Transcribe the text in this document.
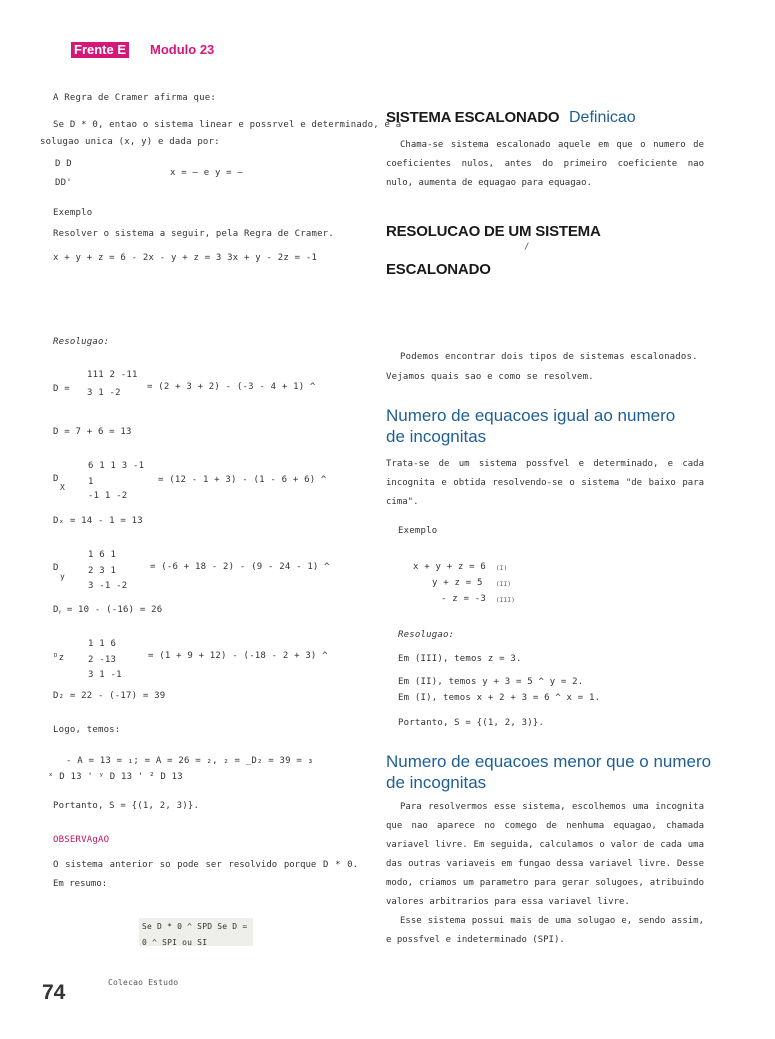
Frente E Modulo 23
A Regra de Cramer afirma que:
Se D * 0, entao o sistema linear e possrvel e determinado, e a
solugao unica (x, y) e dada por:
D D
DD'
x = — e y = —
Exemplo
Resolver o sistema a seguir, pela Regra de Cramer.
x + y + z = 6 - 2x - y + z = 3 3x + y - 2z = -1
Resolugao:
D =
111 2 -11
3 1 -2
= (2 + 3 + 2) - (-3 - 4 + 1) ^
D = 7 + 6 = 13
D
X
6 1 1 3 -1
1
-1 1 -2
= (12 - 1 + 3) - (1 - 6 + 6) ^
Dₓ = 14 - 1 = 13
D
y
1 6 1
2 3 1
3 -1 -2
= (-6 + 18 - 2) - (9 - 24 - 1) ^
Dᵧ = 10 - (-16) = 26
ᴰz
1 1 6
2 -13
3 1 -1
= (1 + 9 + 12) - (-18 - 2 + 3) ^
D₂ = 22 - (-17) = 39
Logo, temos:
- A = 13 = ₁; = A = 26 = ₂, ₂ = _D₂ = 39 = ₃
ˣ D 13 ' ʸ D 13 ' ² D 13
Portanto, S = {(1, 2, 3)}.
OBSERVAgAO
O sistema anterior so pode ser resolvido porque D * 0. Em resumo:
Se D * 0 ^ SPD Se D =
0 ^ SPI ou SI
SISTEMA ESCALONADO Definicao
Chama-se sistema escalonado aquele em que o numero de coeficientes nulos, antes do primeiro coeficiente nao nulo, aumenta de equagao para equagao.
RESOLUCAO DE UM SISTEMA
/
ESCALONADO
Podemos encontrar dois tipos de sistemas escalonados.
Vejamos quais sao e como se resolvem.
Numero de equacoes igual ao numero de incognitas
Trata-se de um sistema possfvel e determinado, e cada incognita e obtida resolvendo-se o sistema "de baixo para cima".
Exemplo
x + y + z = 6 (I)
y + z = 5 (II)
- z = -3 (III)
Resolugao:
Em (III), temos z = 3.
Em (II), temos y + 3 = 5 ^ y = 2.
Em (I), temos x + 2 + 3 = 6 ^ x = 1.
Portanto, S = {(1, 2, 3)}.
Numero de equacoes menor que o numero de incognitas
Para resolvermos esse sistema, escolhemos uma incognita que nao aparece no comego de nenhuma equagao, chamada variavel livre. Em seguida, calculamos o valor de cada uma das outras variaveis em fungao dessa variavel livre. Desse modo, criamos um parametro para gerar solugoes, atribuindo valores arbitrarios para essa variavel livre.
Esse sistema possui mais de uma solugao e, sendo assim, e possfvel e indeterminado (SPI).
74	Colecao Estudo
